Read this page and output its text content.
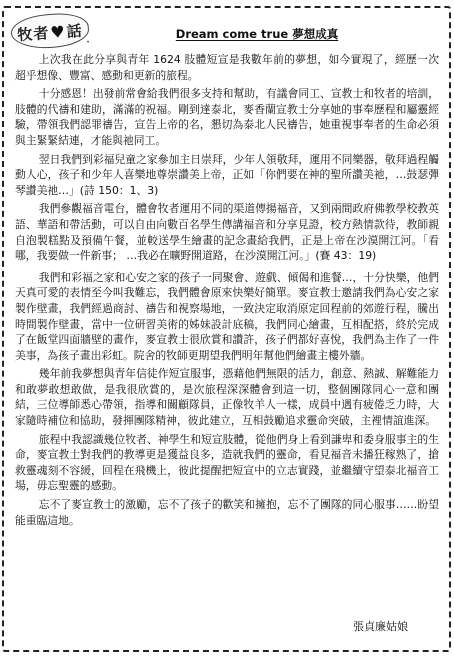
牧者♥話 ฺ	Dream come true 夢想成真

上次我在此分享與青年 1624 肢體短宣是我數年前的夢想，如今實現了，經歷一次超乎想像、豐富、感動和更新的旅程。

十分感恩！出發前常會給我們很多支持和幫助，有議會同工、宣教士和牧者的培訓，肢體的代禱和建助，滿滿的祝福。剛到達泰北，麥香蘭宣教士分享她的事奉歷程和屬靈經驗，帶領我們認罪禱告，宣告上帝的名，懇切為泰北人民禱告，她重視事奉者的生命必須與主緊緊結連，才能與祂同工。

翌日我們到彩福兒童之家參加主日崇拜，少年人領敬拜，運用不同樂器，敬拜過程觸動人心，孩子和少年人喜樂地尊崇讚美上帝，正如「你們要在神的聖所讚美祂，…鼓瑟彈琴讚美祂…」(詩 150：1、3)

我們參觀福音電台，體會牧者運用不同的渠道傳揚福音，又到兩間政府佛教學校教英語、華語和帶活動，可以自由向數百名學生傳講福音和分享見證，校方熱情款待，教師親自泡製糕點及預備午餐，並較送學生繪畫的記念畫給我們，正是上帝在沙漠開江河。「看哪，我要做一件新事； …我必在曠野開道路，在沙漠開江河。」(賽 43：19)

我們和彩福之家和心安之家的孩子一同聚會、遊戲、傾偈和進餐…，十分快樂，他們天真可愛的表情至今叫我難忘，我們體會原來快樂好簡單。麥宣教士邀請我們為心安之家製作壁畫，我們經過商討、禱告和視察場地，一致決定取消原定回程前的郊遊行程，騰出時間製作壁畫，當中一位研習美術的姊妹設計底稿，我們同心繪畫，互相配搭，終於完成了在飯堂四面牆壁的畫作，麥宣教士很欣賞和讚許，孩子們都好喜悅，我們為主作了一件美事，為孩子畫出彩虹。院舍的牧師更期望我們明年幫他們繪畫主樓外牆。

幾年前我夢想與青年信徒作短宣服事，憑藉他們無限的活力，創意、熱誠、解難能力和敢夢敢想敢做，是我很欣賞的，是次旅程深深體會到這一切，整個團隊同心一意和團結，三位導師悉心帶領，指導和關顧隊員，正像牧羊人一樣，成員中遇有疲倦乏力時，大家隨時補位和協助，發揮團隊精神，彼此建立，互相鼓勵追求靈命突破，主裡情誼進深。

旅程中我認識幾位牧者、神學生和短宣肢體，從他們身上看到謙卑和委身服事主的生命，麥宣教士對我們的教導更是獲益良多，造就我們的靈命，看見福音未播狂稼熟了，搶救靈魂刻不容緩，回程在飛機上，彼此提醒把短宣中的立志實踐，並繼續守望泰北福音工場，毋忘聖靈的感動。

忘不了麥宣教士的激勵，忘不了孩子的歡笑和擁抱，忘不了團隊的同心服事……盼望能重臨這地。

張貞廉姑娘
